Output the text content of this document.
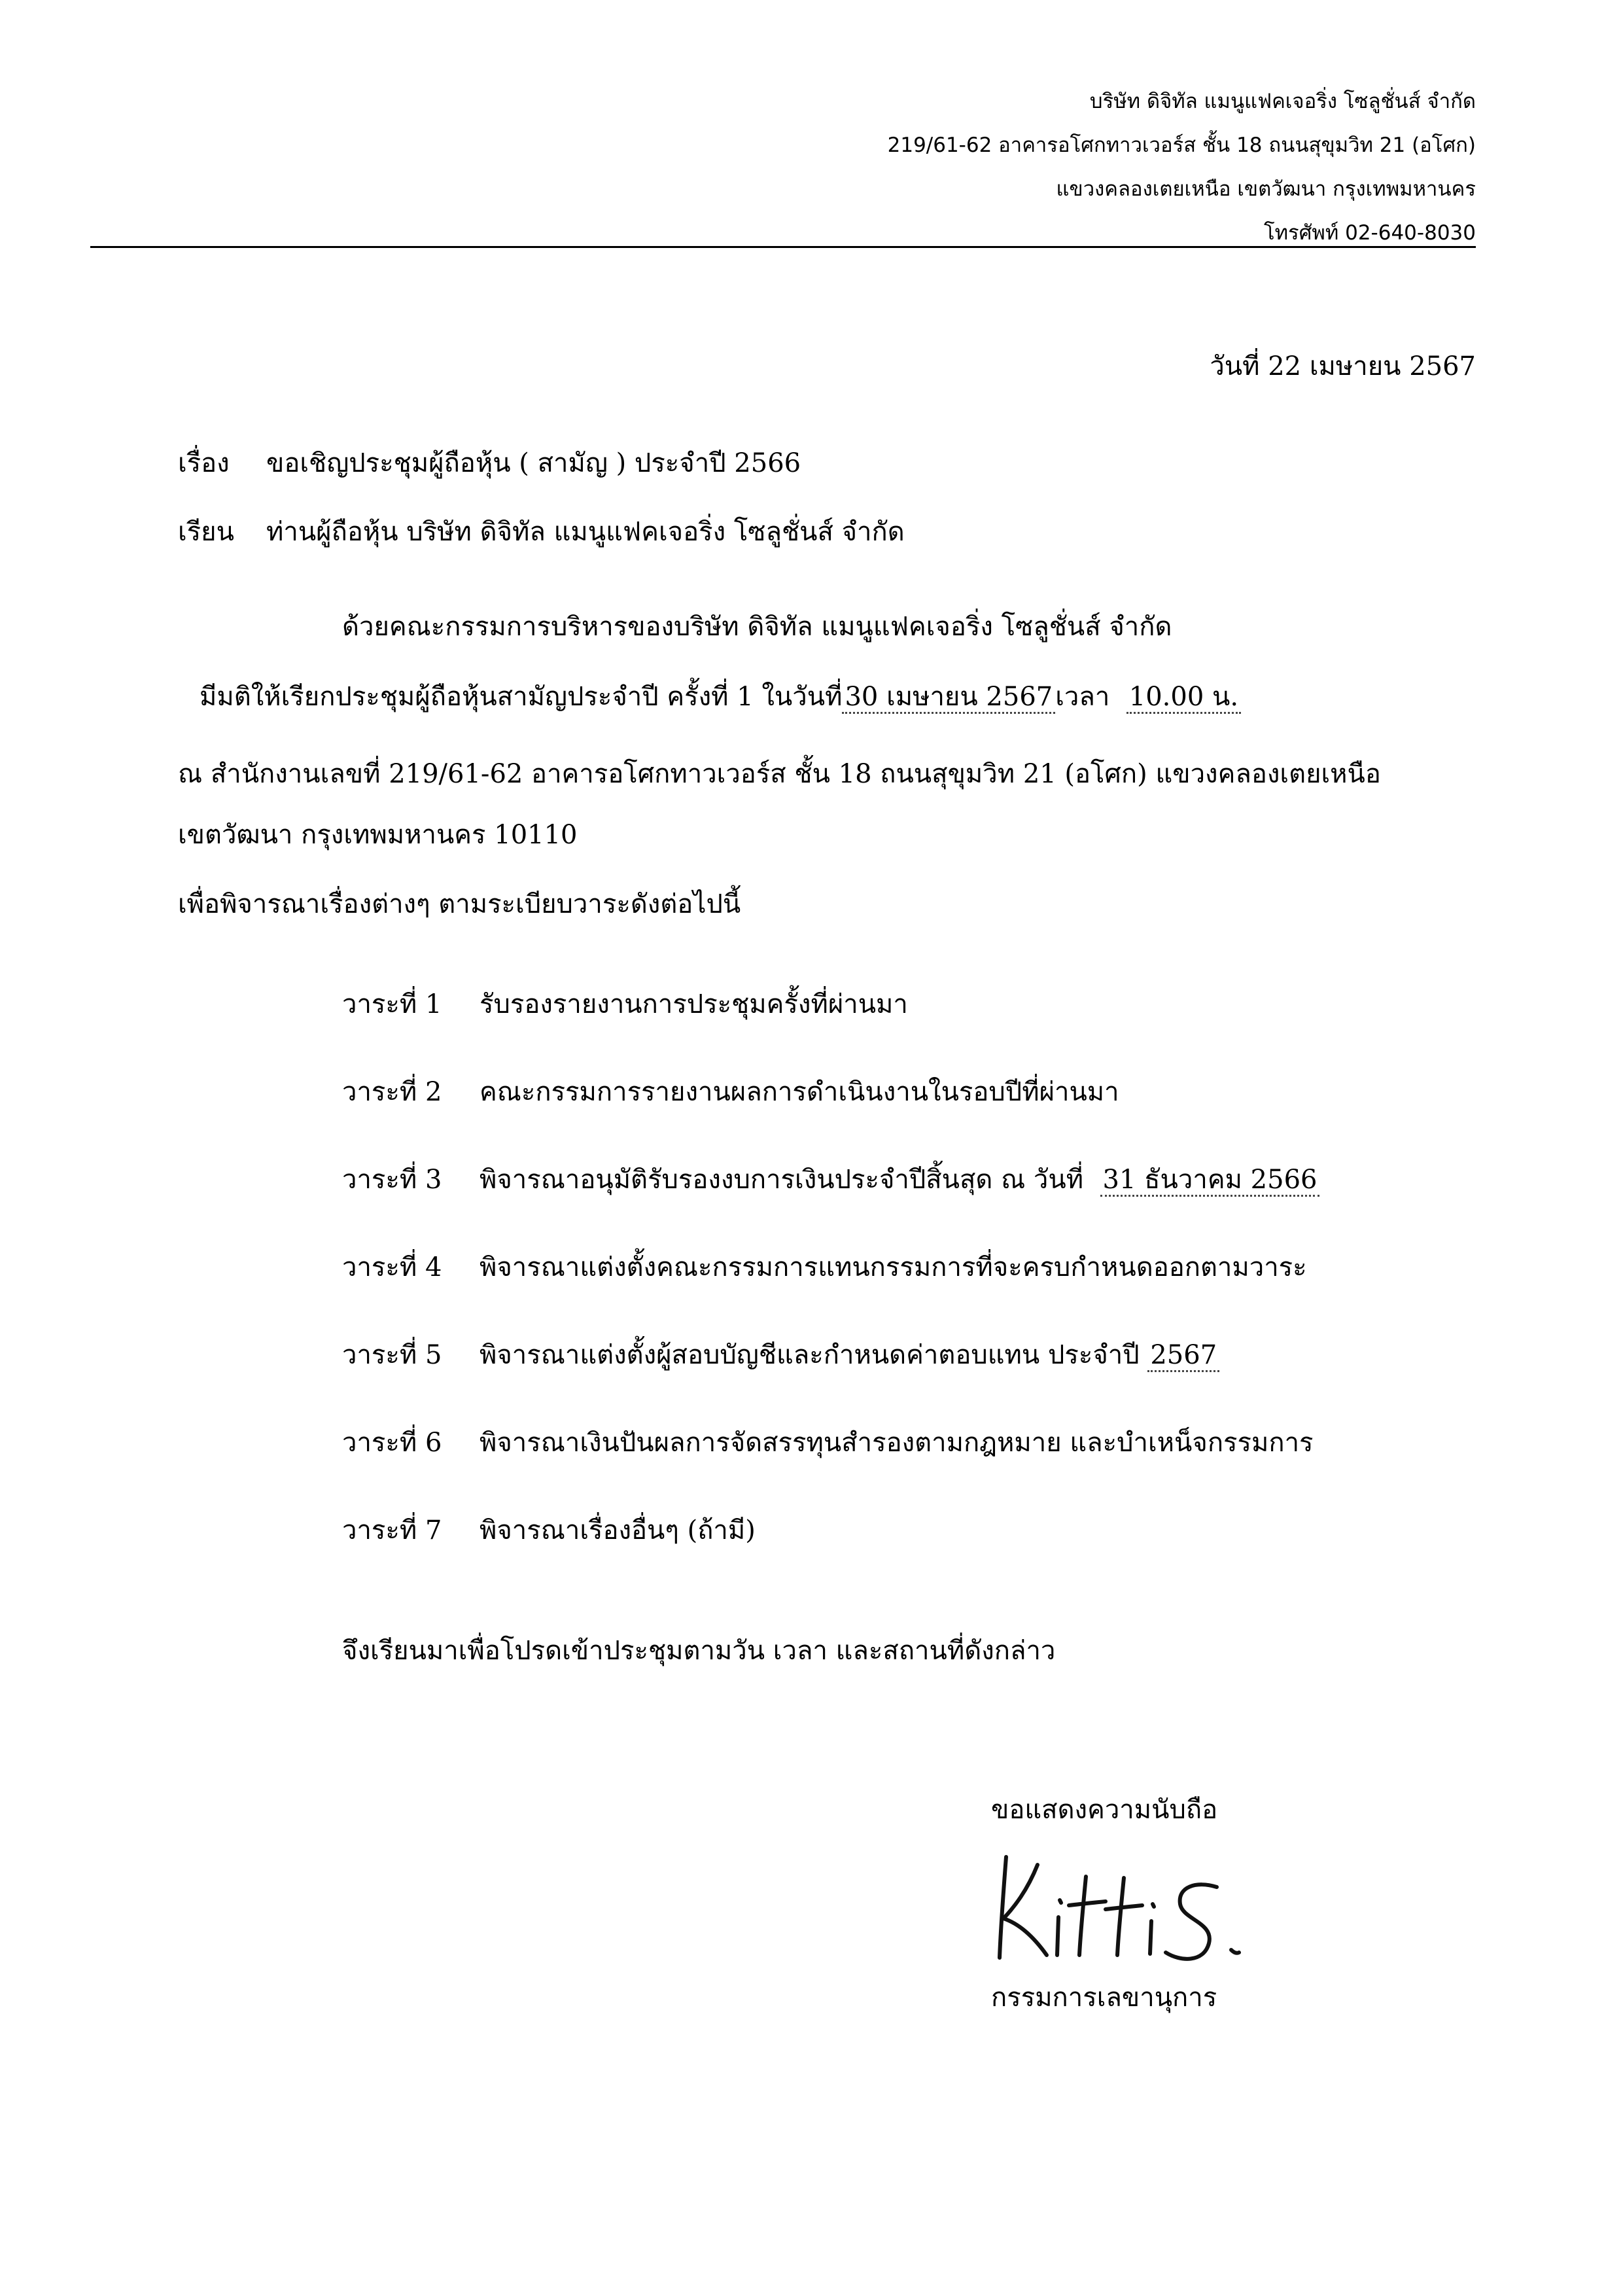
บริษัท ดิจิทัล แมนูแฟคเจอริ่ง โซลูชั่นส์ จำกัด
219/61-62 อาคารอโศกทาวเวอร์ส ชั้น 18 ถนนสุขุมวิท 21 (อโศก)
แขวงคลองเตยเหนือ เขตวัฒนา กรุงเทพมหานคร
โทรศัพท์ 02-640-8030
วันที่ 22 เมษายน 2567
เรื่อง ขอเชิญประชุมผู้ถือหุ้น ( สามัญ ) ประจำปี 2566
เรียน ท่านผู้ถือหุ้น บริษัท ดิจิทัล แมนูแฟคเจอริ่ง โซลูชั่นส์ จำกัด
ด้วยคณะกรรมการบริหารของบริษัท ดิจิทัล แมนูแฟคเจอริ่ง โซลูชั่นส์ จำกัด
มีมติให้เรียกประชุมผู้ถือหุ้นสามัญประจำปี ครั้งที่ 1 ในวันที่ 30 เมษายน 2567 เวลา 10.00 น.
ณ สำนักงานเลขที่ 219/61-62 อาคารอโศกทาวเวอร์ส ชั้น 18 ถนนสุขุมวิท 21 (อโศก) แขวงคลองเตยเหนือ
เขตวัฒนา กรุงเทพมหานคร 10110
เพื่อพิจารณาเรื่องต่างๆ ตามระเบียบวาระดังต่อไปนี้
วาระที่ 1 รับรองรายงานการประชุมครั้งที่ผ่านมา
วาระที่ 2 คณะกรรมการรายงานผลการดำเนินงานในรอบปีที่ผ่านมา
วาระที่ 3 พิจารณาอนุมัติรับรองงบการเงินประจำปีสิ้นสุด ณ วันที่ 31 ธันวาคม 2566
วาระที่ 4 พิจารณาแต่งตั้งคณะกรรมการแทนกรรมการที่จะครบกำหนดออกตามวาระ
วาระที่ 5 พิจารณาแต่งตั้งผู้สอบบัญชีและกำหนดค่าตอบแทน ประจำปี 2567
วาระที่ 6 พิจารณาเงินปันผลการจัดสรรทุนสำรองตามกฎหมาย และบำเหน็จกรรมการ
วาระที่ 7 พิจารณาเรื่องอื่นๆ (ถ้ามี)
จึงเรียนมาเพื่อโปรดเข้าประชุมตามวัน เวลา และสถานที่ดังกล่าว
ขอแสดงความนับถือ
กรรมการเลขานุการ
